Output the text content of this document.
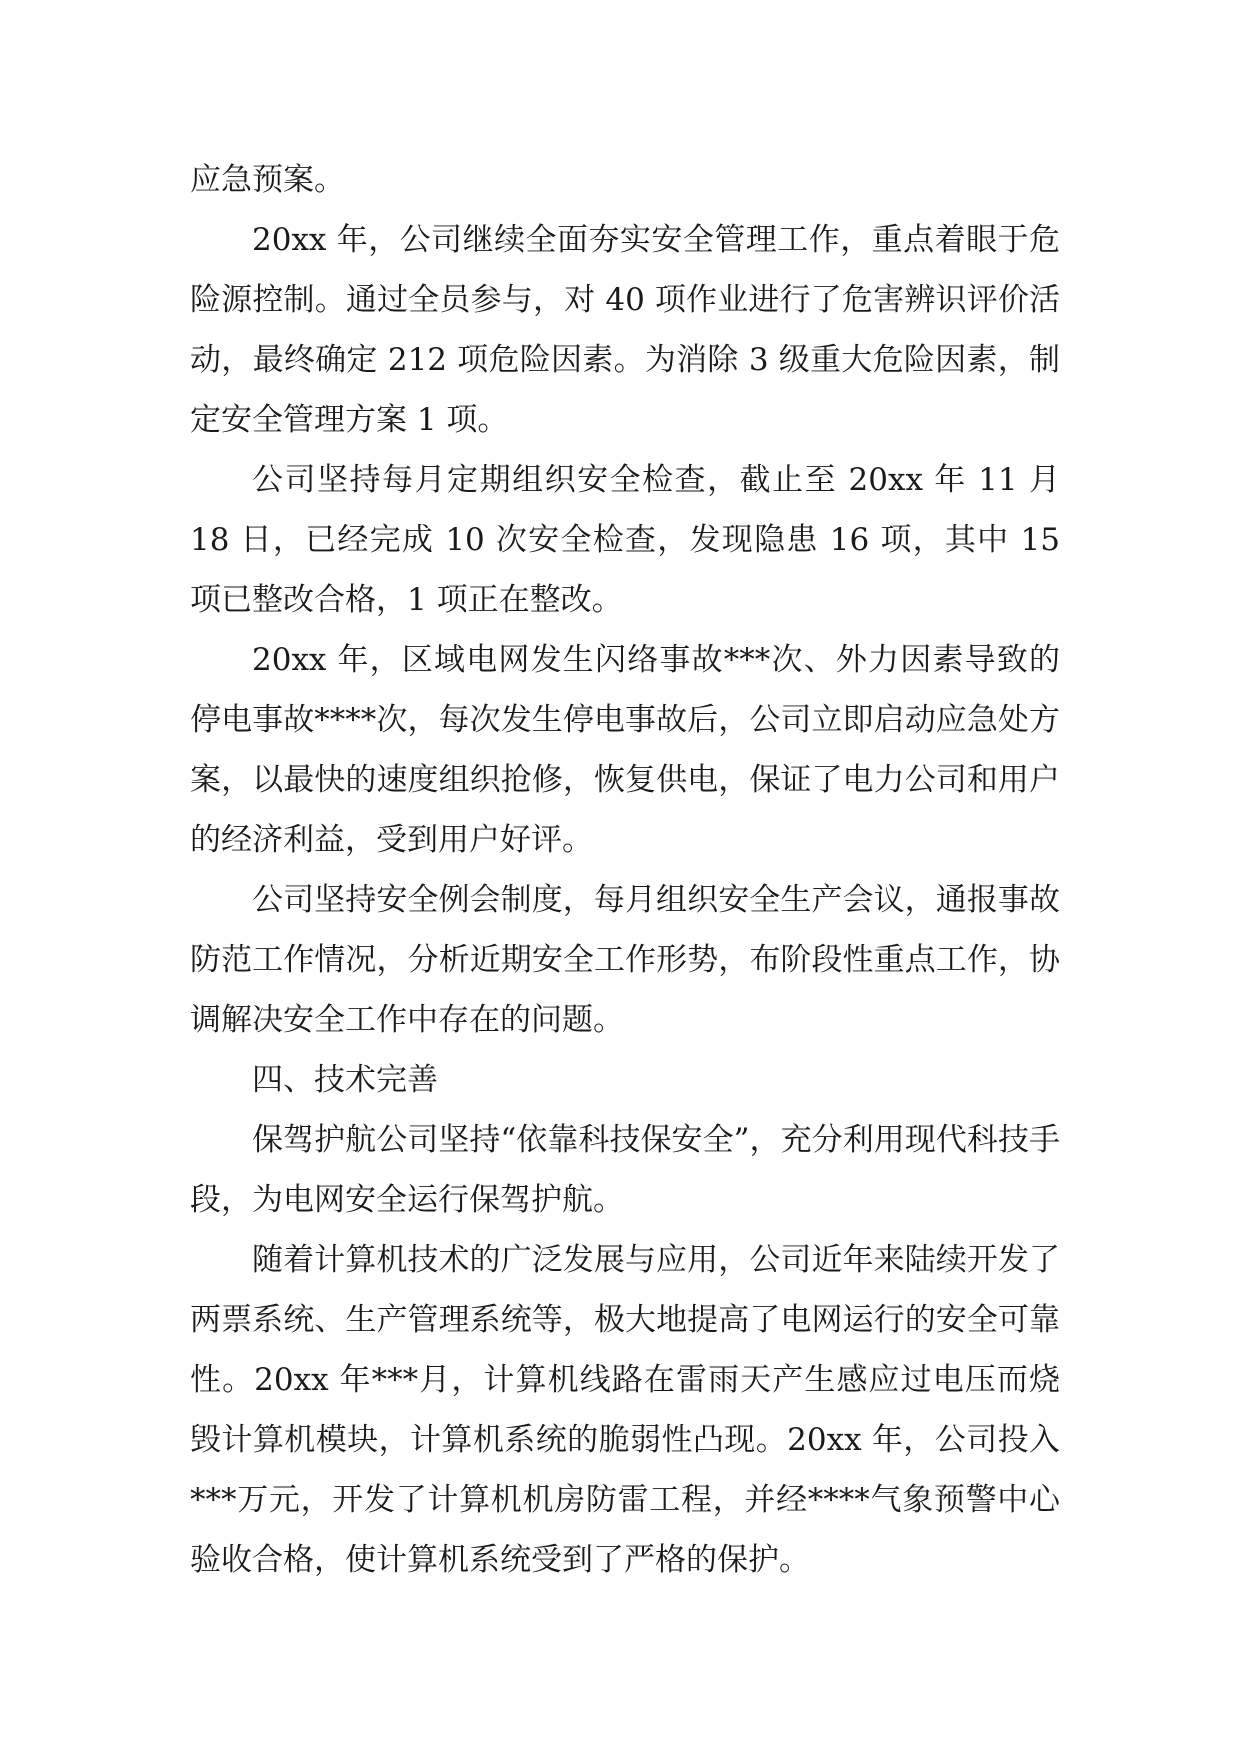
应急预案。

20xx 年，公司继续全面夯实安全管理工作，重点着眼于危险源控制。通过全员参与，对 40 项作业进行了危害辨识评价活动，最终确定 212 项危险因素。为消除 3 级重大危险因素，制定安全管理方案 1 项。

公司坚持每月定期组织安全检查，截止至 20xx 年 11 月18 日，已经完成 10 次安全检查，发现隐患 16 项，其中 15 项已整改合格，1 项正在整改。

20xx 年，区域电网发生闪络事故***次、外力因素导致的停电事故****次，每次发生停电事故后，公司立即启动应急处方案，以最快的速度组织抢修，恢复供电，保证了电力公司和用户的经济利益，受到用户好评。

公司坚持安全例会制度，每月组织安全生产会议，通报事故防范工作情况，分析近期安全工作形势，布阶段性重点工作，协调解决安全工作中存在的问题。

四、技术完善

保驾护航公司坚持“依靠科技保安全”，充分利用现代科技手段，为电网安全运行保驾护航。

随着计算机技术的广泛发展与应用，公司近年来陆续开发了两票系统、生产管理系统等，极大地提高了电网运行的安全可靠性。20xx 年***月，计算机线路在雷雨天产生感应过电压而烧毁计算机模块，计算机系统的脆弱性凸现。20xx 年，公司投入***万元，开发了计算机机房防雷工程，并经****气象预警中心验收合格，使计算机系统受到了严格的保护。
